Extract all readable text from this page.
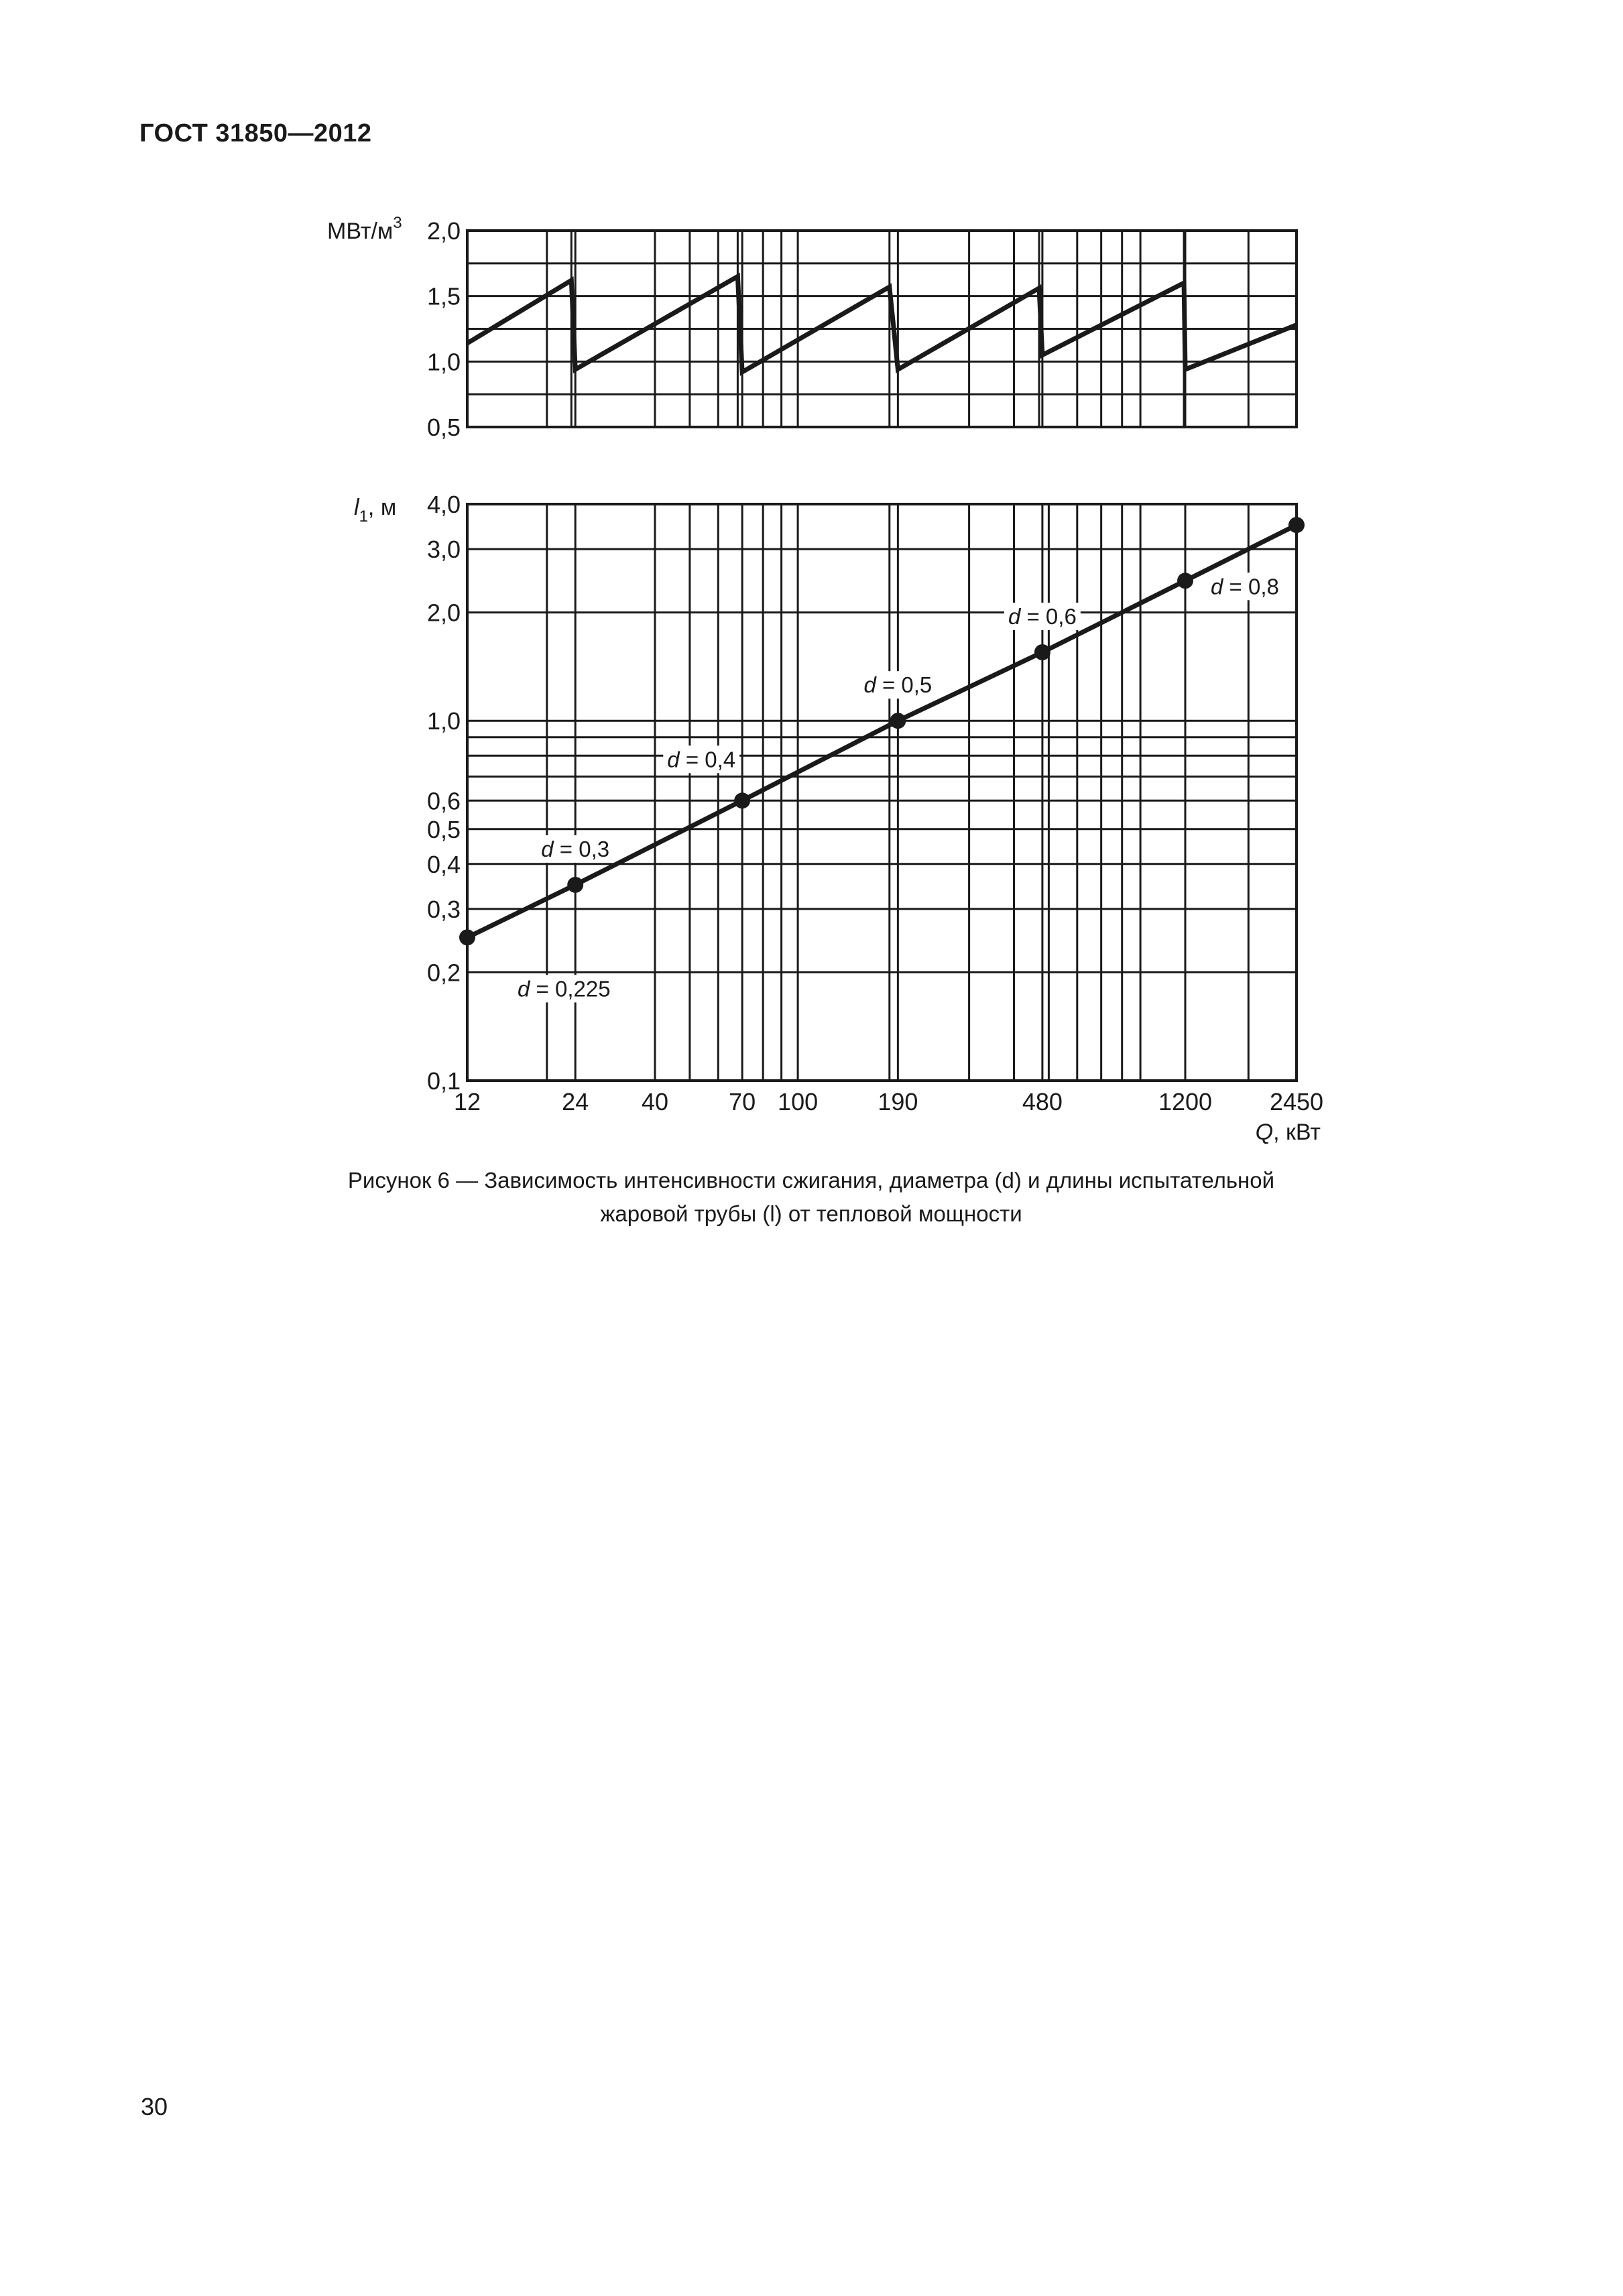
ГОСТ 31850—2012
0,5
1,0
1,5
2,0
МВт/$м^3$
0,1
0,2
0,3
0,4
0,5
0,6
1,0
2,0
3,0
4,0
12	24 40	70 100 190	480	1200 2450
$l_1$, м
Q, кВт
d = 0,225
d = 0,3
d = 0,4
d = 0,5
d = 0,6
d = 0,8
Рисунок 6 — Зависимость интенсивности сжигания, диаметра (d) и длины испытательной
жаровой трубы (l) от тепловой мощности
30
